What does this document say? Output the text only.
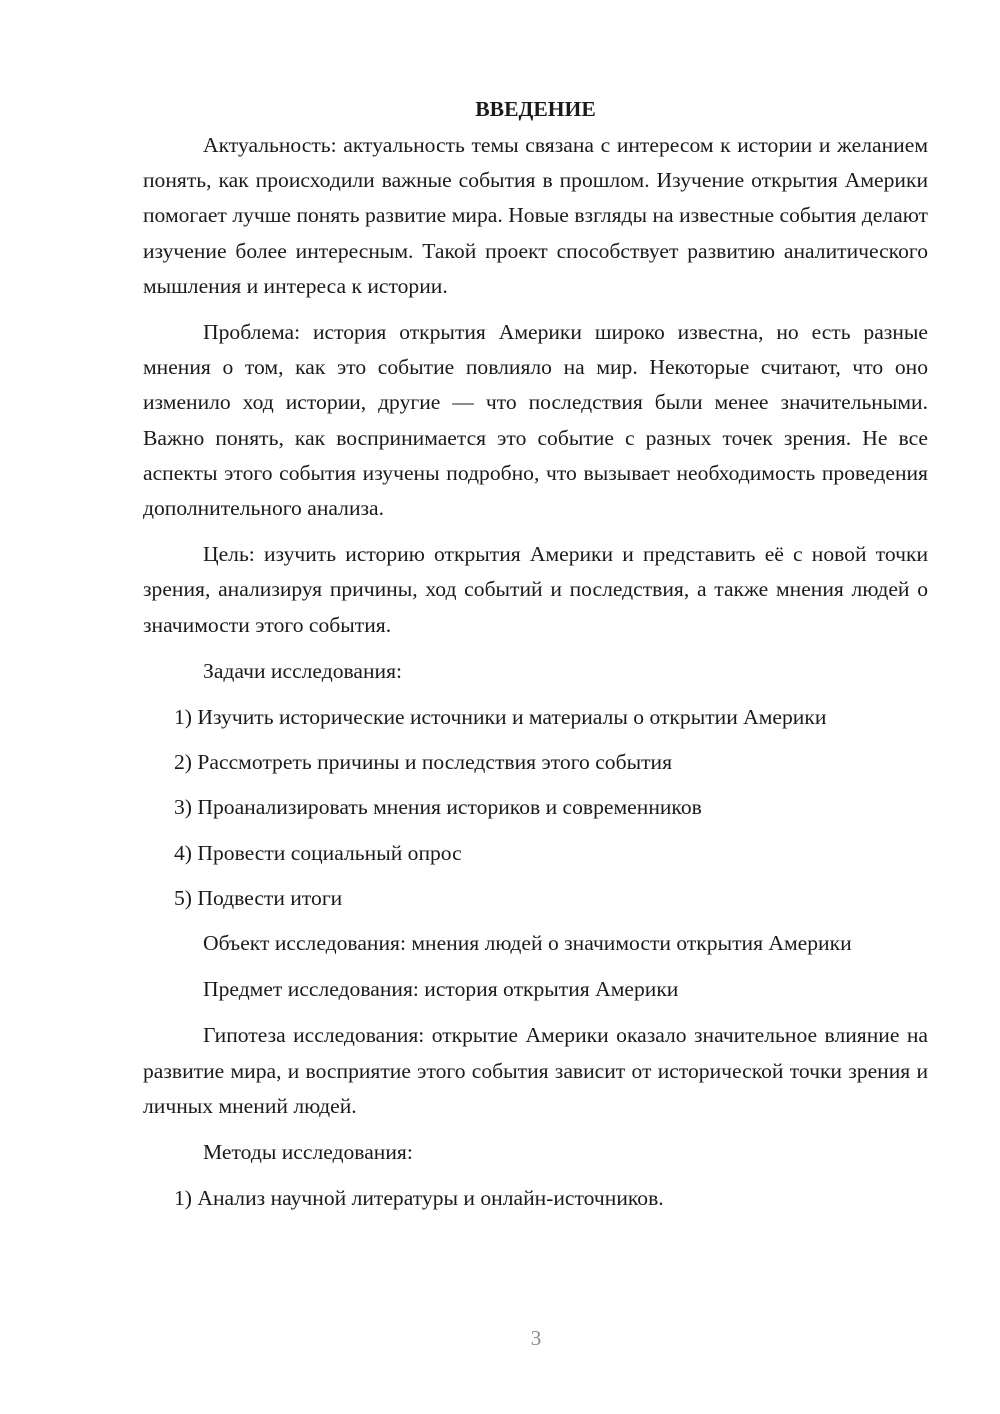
ВВЕДЕНИЕ

Актуальность: актуальность темы связана с интересом к истории и желанием понять, как происходили важные события в прошлом. Изучение открытия Америки помогает лучше понять развитие мира. Новые взгляды на известные события делают изучение более интересным. Такой проект способствует развитию аналитического мышления и интереса к истории.

Проблема: история открытия Америки широко известна, но есть разные мнения о том, как это событие повлияло на мир. Некоторые считают, что оно изменило ход истории, другие — что последствия были менее значительными. Важно понять, как воспринимается это событие с разных точек зрения. Не все аспекты этого события изучены подробно, что вызывает необходимость проведения дополнительного анализа.

Цель: изучить историю открытия Америки и представить её с новой точки зрения, анализируя причины, ход событий и последствия, а также мнения людей о значимости этого события.

Задачи исследования:

1) Изучить исторические источники и материалы о открытии Америки
2) Рассмотреть причины и последствия этого события
3) Проанализировать мнения историков и современников
4) Провести социальный опрос
5) Подвести итоги

Объект исследования: мнения людей о значимости открытия Америки

Предмет исследования: история открытия Америки

Гипотеза исследования: открытие Америки оказало значительное влияние на развитие мира, и восприятие этого события зависит от исторической точки зрения и личных мнений людей.

Методы исследования:

1) Анализ научной литературы и онлайн-источников.
3
